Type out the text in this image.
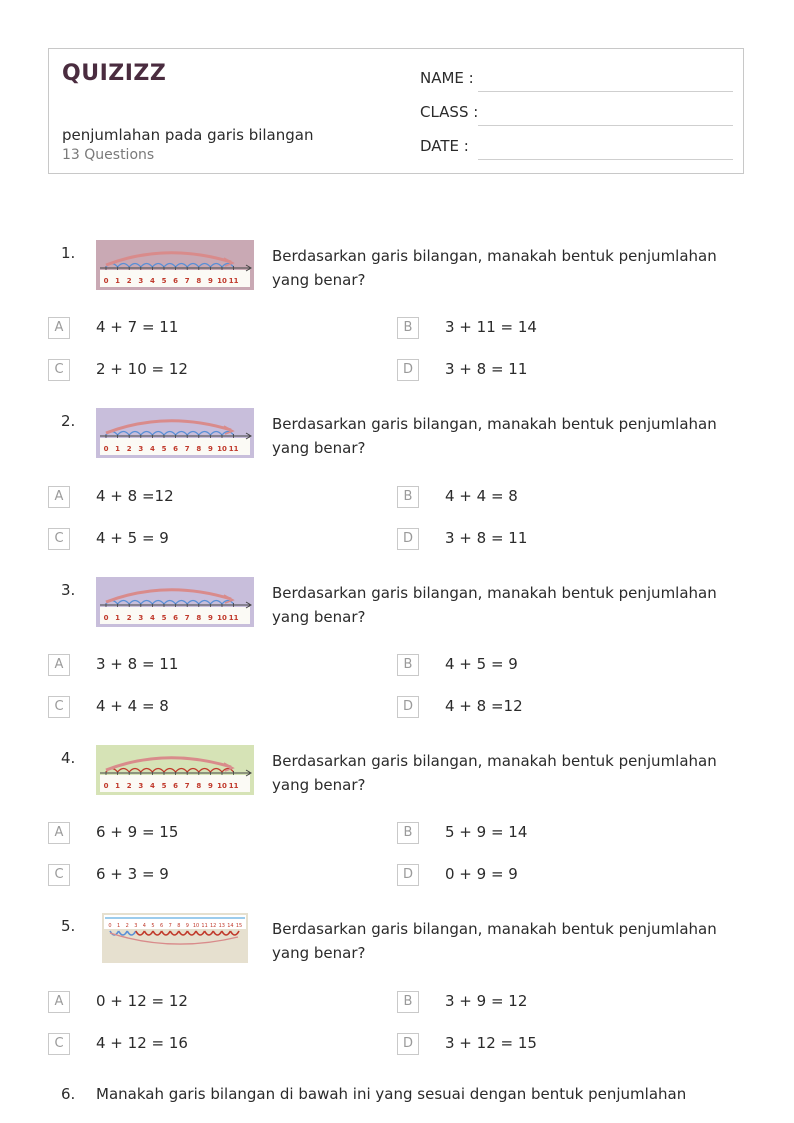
QUIZIZZ
penjumlahan pada garis bilangan
13 Questions
NAME :
CLASS :
DATE :
1.
0 1 2 3 4 5 6 7 8 9 10 11
Berdasarkan garis bilangan, manakah bentuk penjumlahan yang benar?
A	4 + 7 = 11	B	3 + 11 = 14
C	2 + 10 = 12	D	3 + 8 = 11
2.
0 1 2 3 4 5 6 7 8 9 10 11
Berdasarkan garis bilangan, manakah bentuk penjumlahan yang benar?
A	4 + 8 =12	B	4 + 4 = 8
C	4 + 5 = 9	D	3 + 8 = 11
3.
0 1 2 3 4 5 6 7 8 9 10 11
Berdasarkan garis bilangan, manakah bentuk penjumlahan yang benar?
A	3 + 8 = 11	B	4 + 5 = 9
C	4 + 4 = 8	D	4 + 8 =12
4.
0 1 2 3 4 5 6 7 8 9 10 11
Berdasarkan garis bilangan, manakah bentuk penjumlahan yang benar?
A	6 + 9 = 15	B	5 + 9 = 14
C	6 + 3 = 9	D	0 + 9 = 9
5.	0 1 2 3 4 5 6 7 8 9 10 11 12 13 14 15 Berdasarkan garis bilangan, manakah bentuk penjumlahan yang benar?
A	0 + 12 = 12	B	3 + 9 = 12
C	4 + 12 = 16	D	3 + 12 = 15
6. Manakah garis bilangan di bawah ini yang sesuai dengan bentuk penjumlahan
